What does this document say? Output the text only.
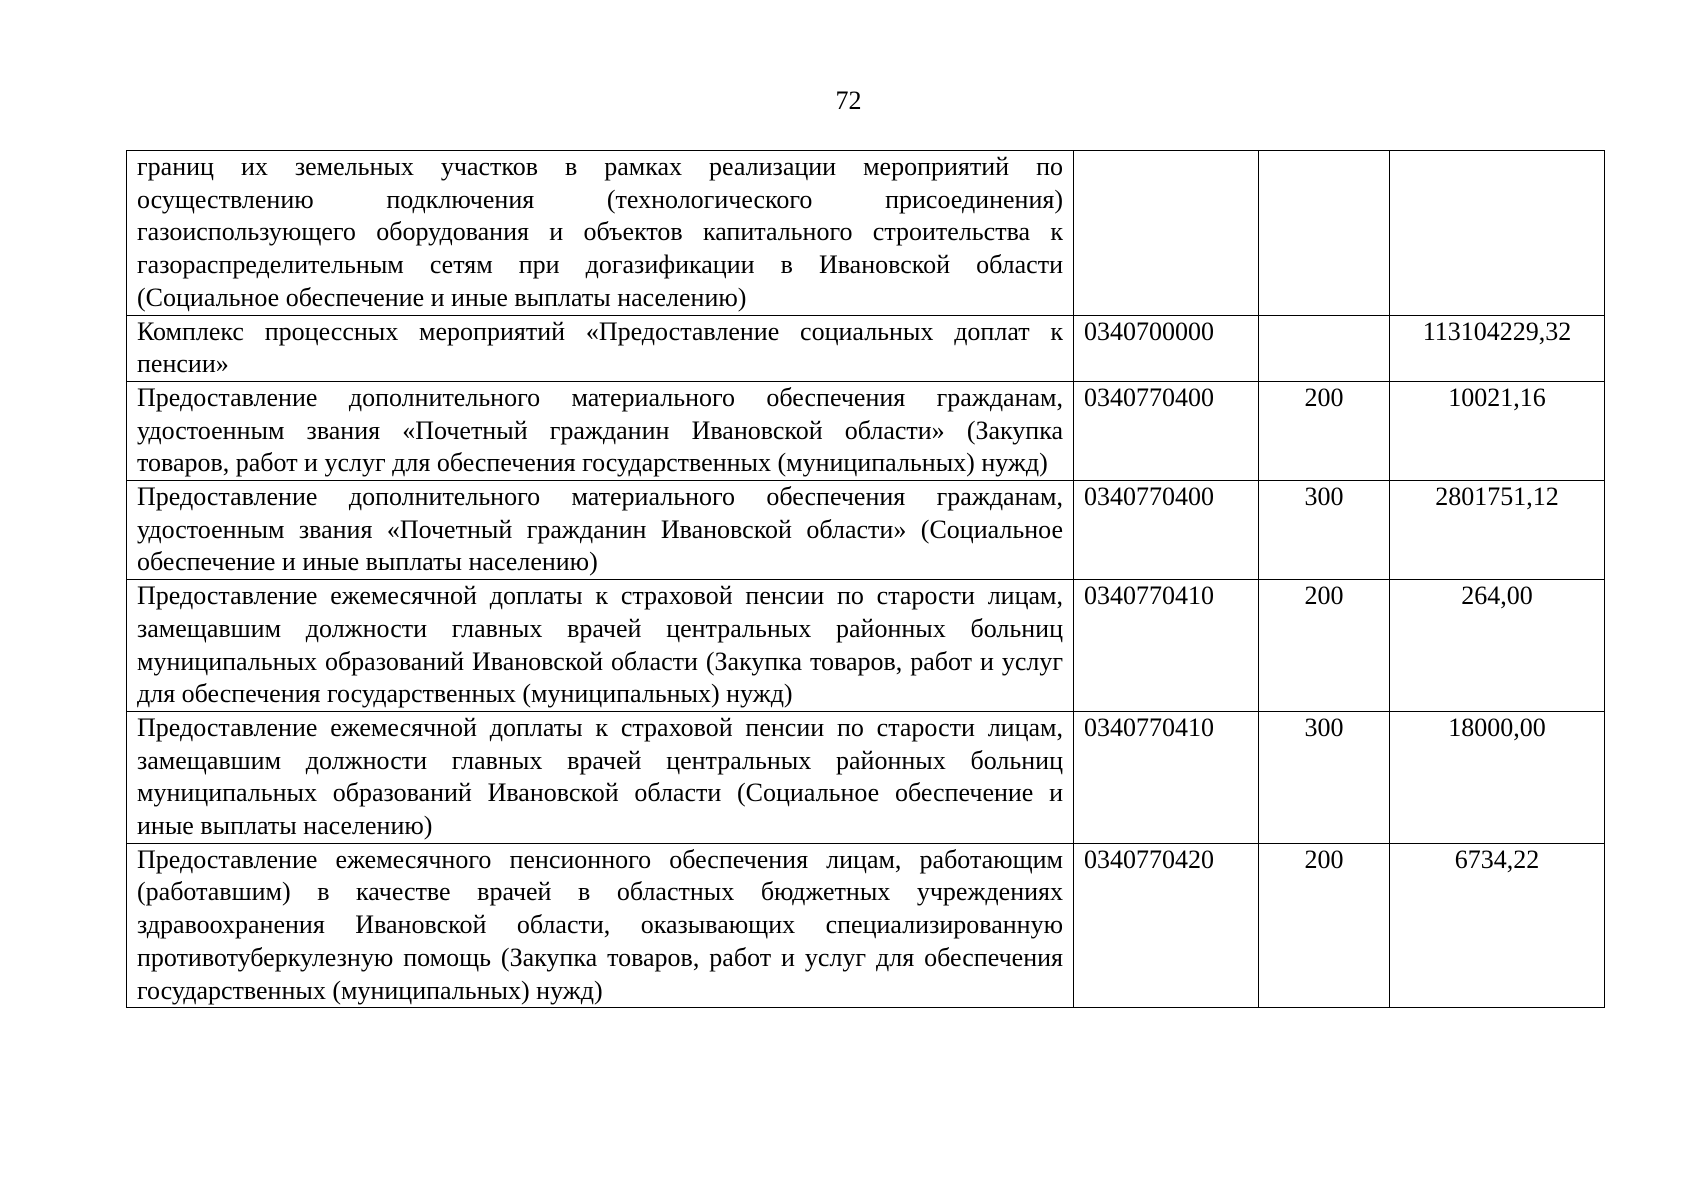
72
границ их земельных участков в рамках реализации мероприятий по осуществлению подключения (технологического присоединения) газоиспользующего оборудования и объектов капитального строительства к газораспределительным сетям при догазификации в Ивановской области (Социальное обеспечение и иные выплаты населению)			
Комплекс процессных мероприятий «Предоставление социальных доплат к пенсии»	0340700000		113104229,32
Предоставление дополнительного материального обеспечения гражданам, удостоенным звания «Почетный гражданин Ивановской области» (Закупка товаров, работ и услуг для обеспечения государственных (муниципальных) нужд)	0340770400	200	10021,16
Предоставление дополнительного материального обеспечения гражданам, удостоенным звания «Почетный гражданин Ивановской области» (Социальное обеспечение и иные выплаты населению)	0340770400	300	2801751,12
Предоставление ежемесячной доплаты к страховой пенсии по старости лицам, замещавшим должности главных врачей центральных районных больниц муниципальных образований Ивановской области (Закупка товаров, работ и услуг для обеспечения государственных (муниципальных) нужд)	0340770410	200	264,00
Предоставление ежемесячной доплаты к страховой пенсии по старости лицам, замещавшим должности главных врачей центральных районных больниц муниципальных образований Ивановской области (Социальное обеспечение и иные выплаты населению)	0340770410	300	18000,00
Предоставление ежемесячного пенсионного обеспечения лицам, работающим (работавшим) в качестве врачей в областных бюджетных учреждениях здравоохранения Ивановской области, оказывающих специализированную противотуберкулезную помощь (Закупка товаров, работ и услуг для обеспечения государственных (муниципальных) нужд)	0340770420	200	6734,22
